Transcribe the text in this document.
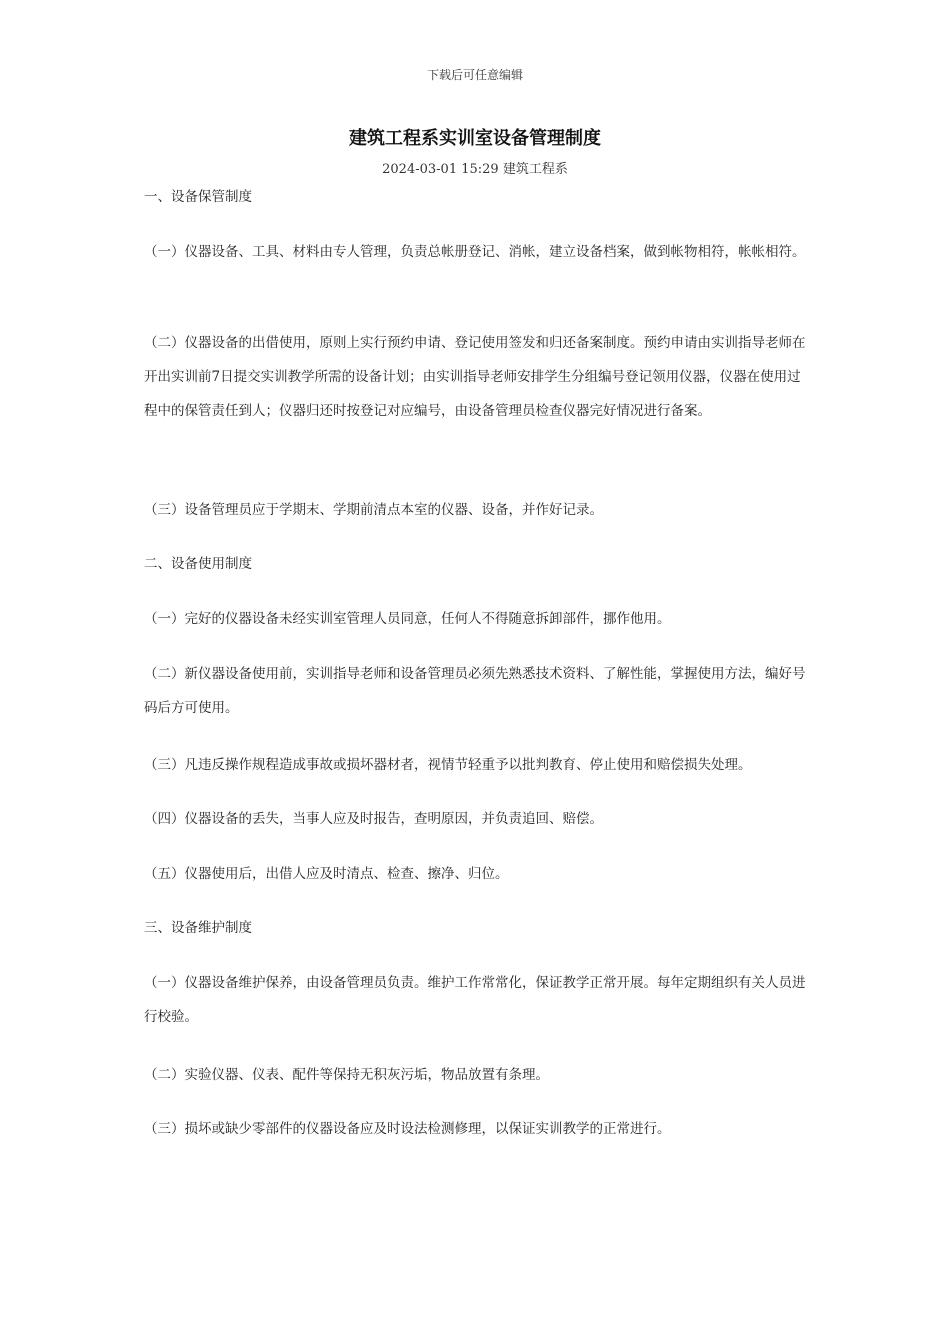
下载后可任意编辑
建筑工程系实训室设备管理制度
2024-03-01 15:29 建筑工程系

一、设备保管制度

（一）仪器设备、工具、材料由专人管理，负责总帐册登记、消帐，建立设备档案，做到帐物相符，帐帐相符。

（二）仪器设备的出借使用，原则上实行预约申请、登记使用签发和归还备案制度。预约申请由实训指导老师在开出实训前7日提交实训教学所需的设备计划；由实训指导老师安排学生分组编号登记领用仪器，仪器在使用过程中的保管责任到人；仪器归还时按登记对应编号，由设备管理员检查仪器完好情况进行备案。

（三）设备管理员应于学期末、学期前清点本室的仪器、设备，并作好记录。

二、设备使用制度

（一）完好的仪器设备未经实训室管理人员同意，任何人不得随意拆卸部件，挪作他用。

（二）新仪器设备使用前，实训指导老师和设备管理员必须先熟悉技术资料、了解性能，掌握使用方法，编好号码后方可使用。

（三）凡违反操作规程造成事故或损坏器材者，视情节轻重予以批判教育、停止使用和赔偿损失处理。

（四）仪器设备的丢失，当事人应及时报告，查明原因，并负责追回、赔偿。

（五）仪器使用后，出借人应及时清点、检查、擦净、归位。

三、设备维护制度

（一）仪器设备维护保养，由设备管理员负责。维护工作常常化，保证教学正常开展。每年定期组织有关人员进行校验。

（二）实验仪器、仪表、配件等保持无积灰污垢，物品放置有条理。

（三）损坏或缺少零部件的仪器设备应及时设法检测修理，以保证实训教学的正常进行。
